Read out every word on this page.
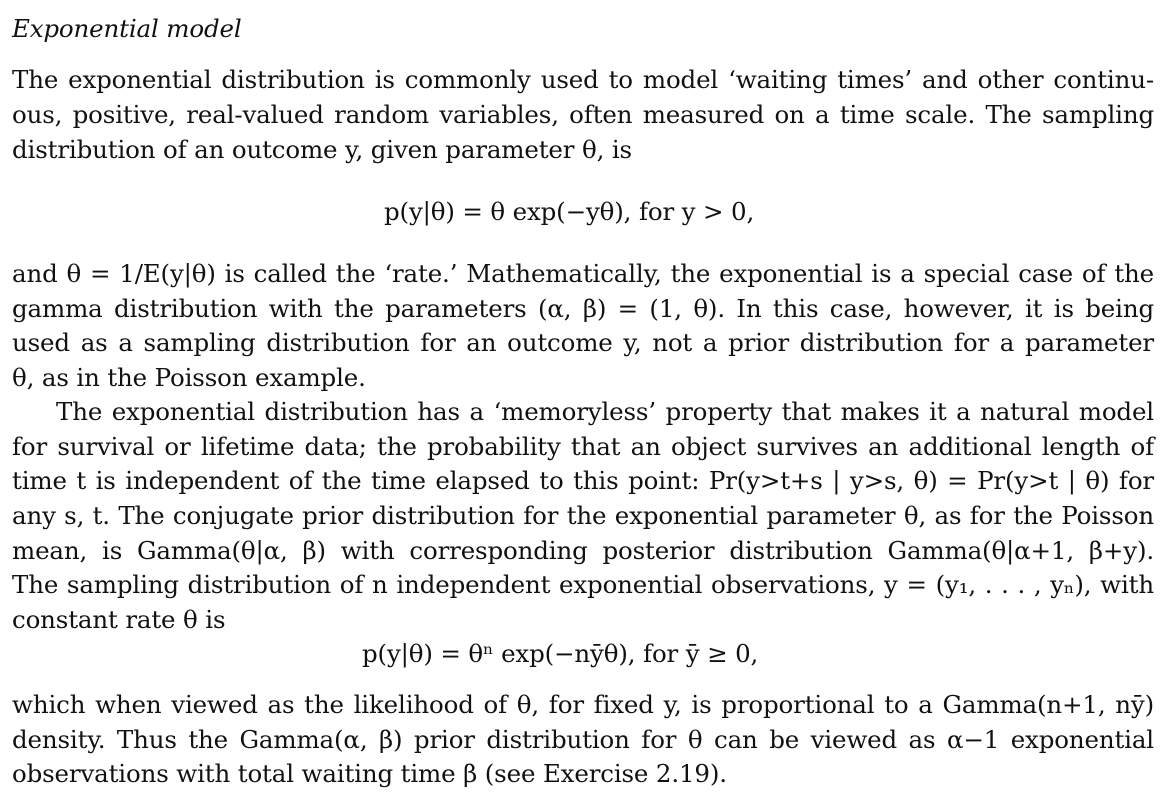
Exponential model
The exponential distribution is commonly used to model ‘waiting times’ and other continu-
ous, positive, real-valued random variables, often measured on a time scale. The sampling
distribution of an outcome y, given parameter θ, is
p(y|θ) = θ exp(−yθ), for y > 0,
and θ = 1/E(y|θ) is called the ‘rate.’ Mathematically, the exponential is a special case of the
gamma distribution with the parameters (α, β) = (1, θ). In this case, however, it is being
used as a sampling distribution for an outcome y, not a prior distribution for a parameter
θ, as in the Poisson example.
The exponential distribution has a ‘memoryless’ property that makes it a natural model
for survival or lifetime data; the probability that an object survives an additional length of
time t is independent of the time elapsed to this point: Pr(y>t+s | y>s, θ) = Pr(y>t | θ) for
any s, t. The conjugate prior distribution for the exponential parameter θ, as for the Poisson
mean, is Gamma(θ|α, β) with corresponding posterior distribution Gamma(θ|α+1, β+y).
The sampling distribution of n independent exponential observations, y = (y₁, . . . , yₙ), with
constant rate θ is
p(y|θ) = θⁿ exp(−nȳθ), for ȳ ≥ 0,
which when viewed as the likelihood of θ, for fixed y, is proportional to a Gamma(n+1, nȳ)
density. Thus the Gamma(α, β) prior distribution for θ can be viewed as α−1 exponential
observations with total waiting time β (see Exercise 2.19).
